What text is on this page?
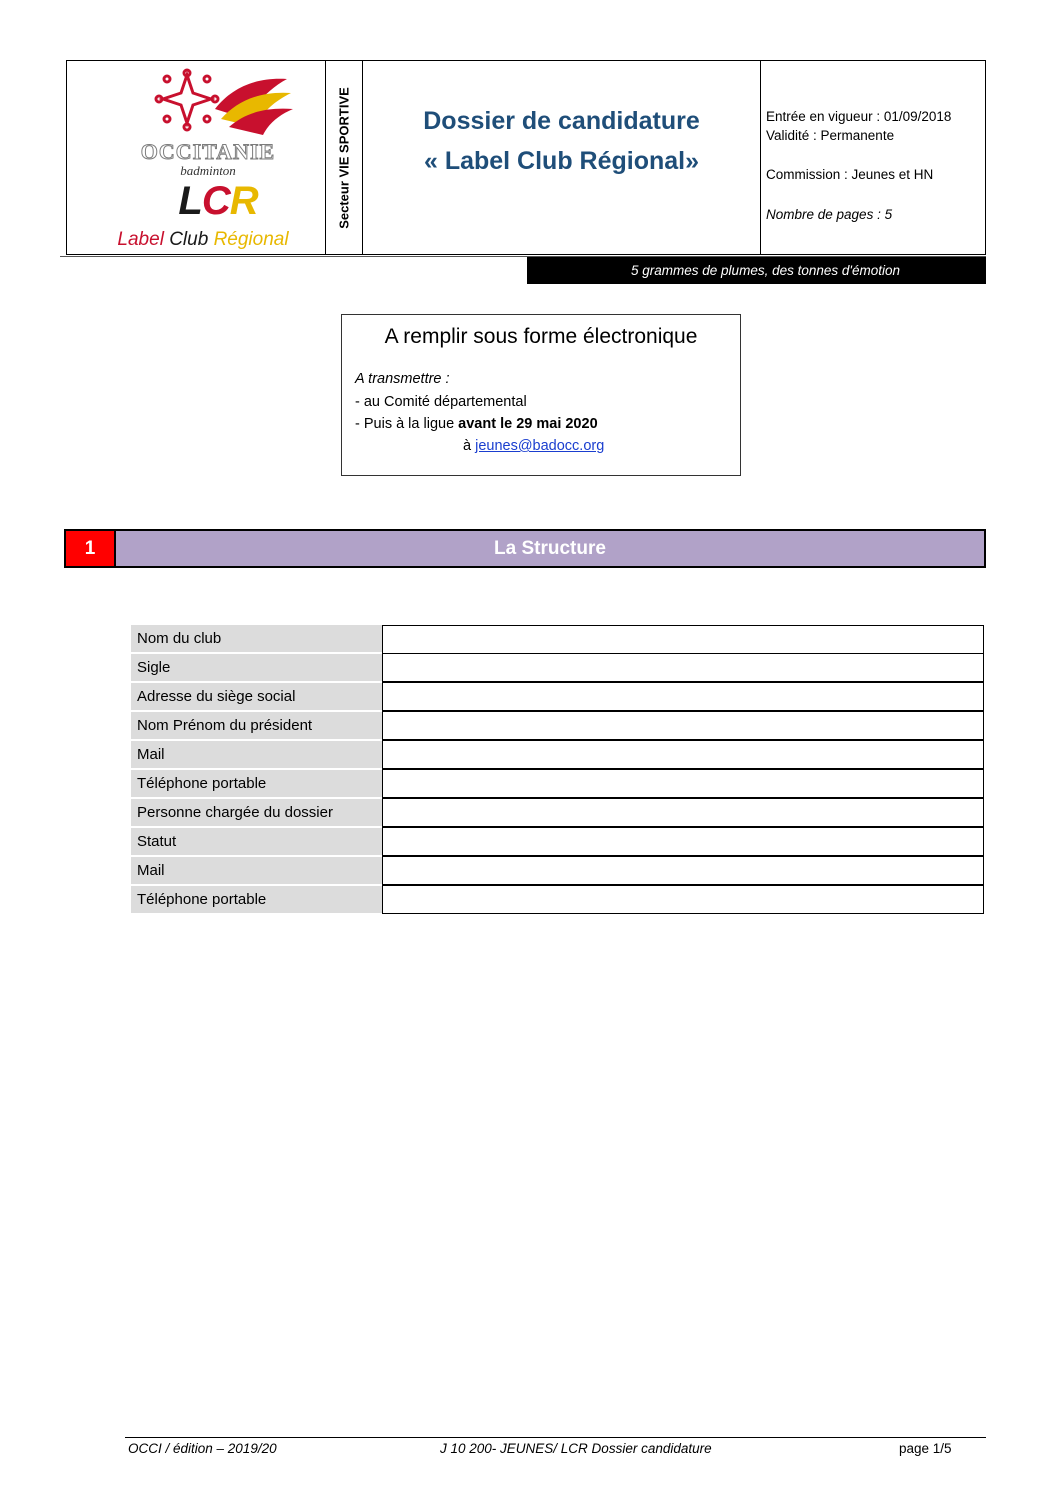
OCCITANIE
badminton
LCR
Label Club Régional
Secteur VIE SPORTIVE	Dossier de candidature
« Label Club Régional»
Entrée en vigueur : 01/09/2018
Validité : Permanente
Commission : Jeunes et HN
Nombre de pages : 5
5 grammes de plumes, des tonnes d'émotion
A remplir sous forme électronique
A transmettre :
- au Comité départemental
- Puis à la ligue avant le 29 mai 2020
à jeunes@badocc.org
1	La Structure
Nom du club
Sigle
Adresse du siège social
Nom Prénom du président
Mail
Téléphone portable
Personne chargée du dossier
Statut
Mail
Téléphone portable
OCCI / édition – 2019/20	J 10 200- JEUNES/ LCR Dossier candidature	page 1/5
